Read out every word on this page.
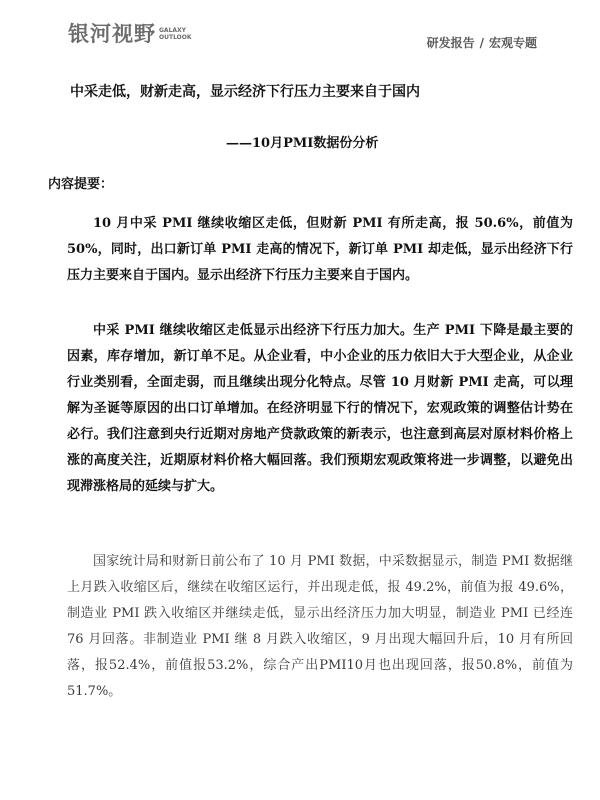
银河视野 GALAXY
OUTLOOK	研发报告 / 宏观专题
中采走低，财新走高，显示经济下行压力主要来自于国内
——10月PMI数据份分析
内容提要：

10 月中采 PMI 继续收缩区走低，但财新 PMI 有所走高，报 50.6%，前值为 50%，同时，出口新订单 PMI 走高的情况下，新订单 PMI 却走低，显示出经济下行压力主要来自于国内。显示出经济下行压力主要来自于国内。

中采 PMI 继续收缩区走低显示出经济下行压力加大。生产 PMI 下降是最主要的因素，库存增加，新订单不足。从企业看，中小企业的压力依旧大于大型企业，从企业行业类别看，全面走弱，而且继续出现分化特点。尽管 10 月财新 PMI 走高，可以理解为圣诞等原因的出口订单增加。在经济明显下行的情况下，宏观政策的调整估计势在必行。我们注意到央行近期对房地产贷款政策的新表示，也注意到高层对原材料价格上涨的高度关注，近期原材料价格大幅回落。我们预期宏观政策将进一步调整，以避免出现滞涨格局的延续与扩大。

国家统计局和财新日前公布了 10 月 PMI 数据，中采数据显示，制造 PMI 数据继上月跌入收缩区后，继续在收缩区运行，并出现走低，报 49.2%，前值为报 49.6%，制造业 PMI 跌入收缩区并继续走低，显示出经济压力加大明显，制造业 PMI 已经连 76 月回落。非制造业 PMI 继 8 月跌入收缩区，9 月出现大幅回升后，10 月有所回落，报52.4%，前值报53.2%，综合产出PMI10月也出现回落，报50.8%，前值为 51.7%。
